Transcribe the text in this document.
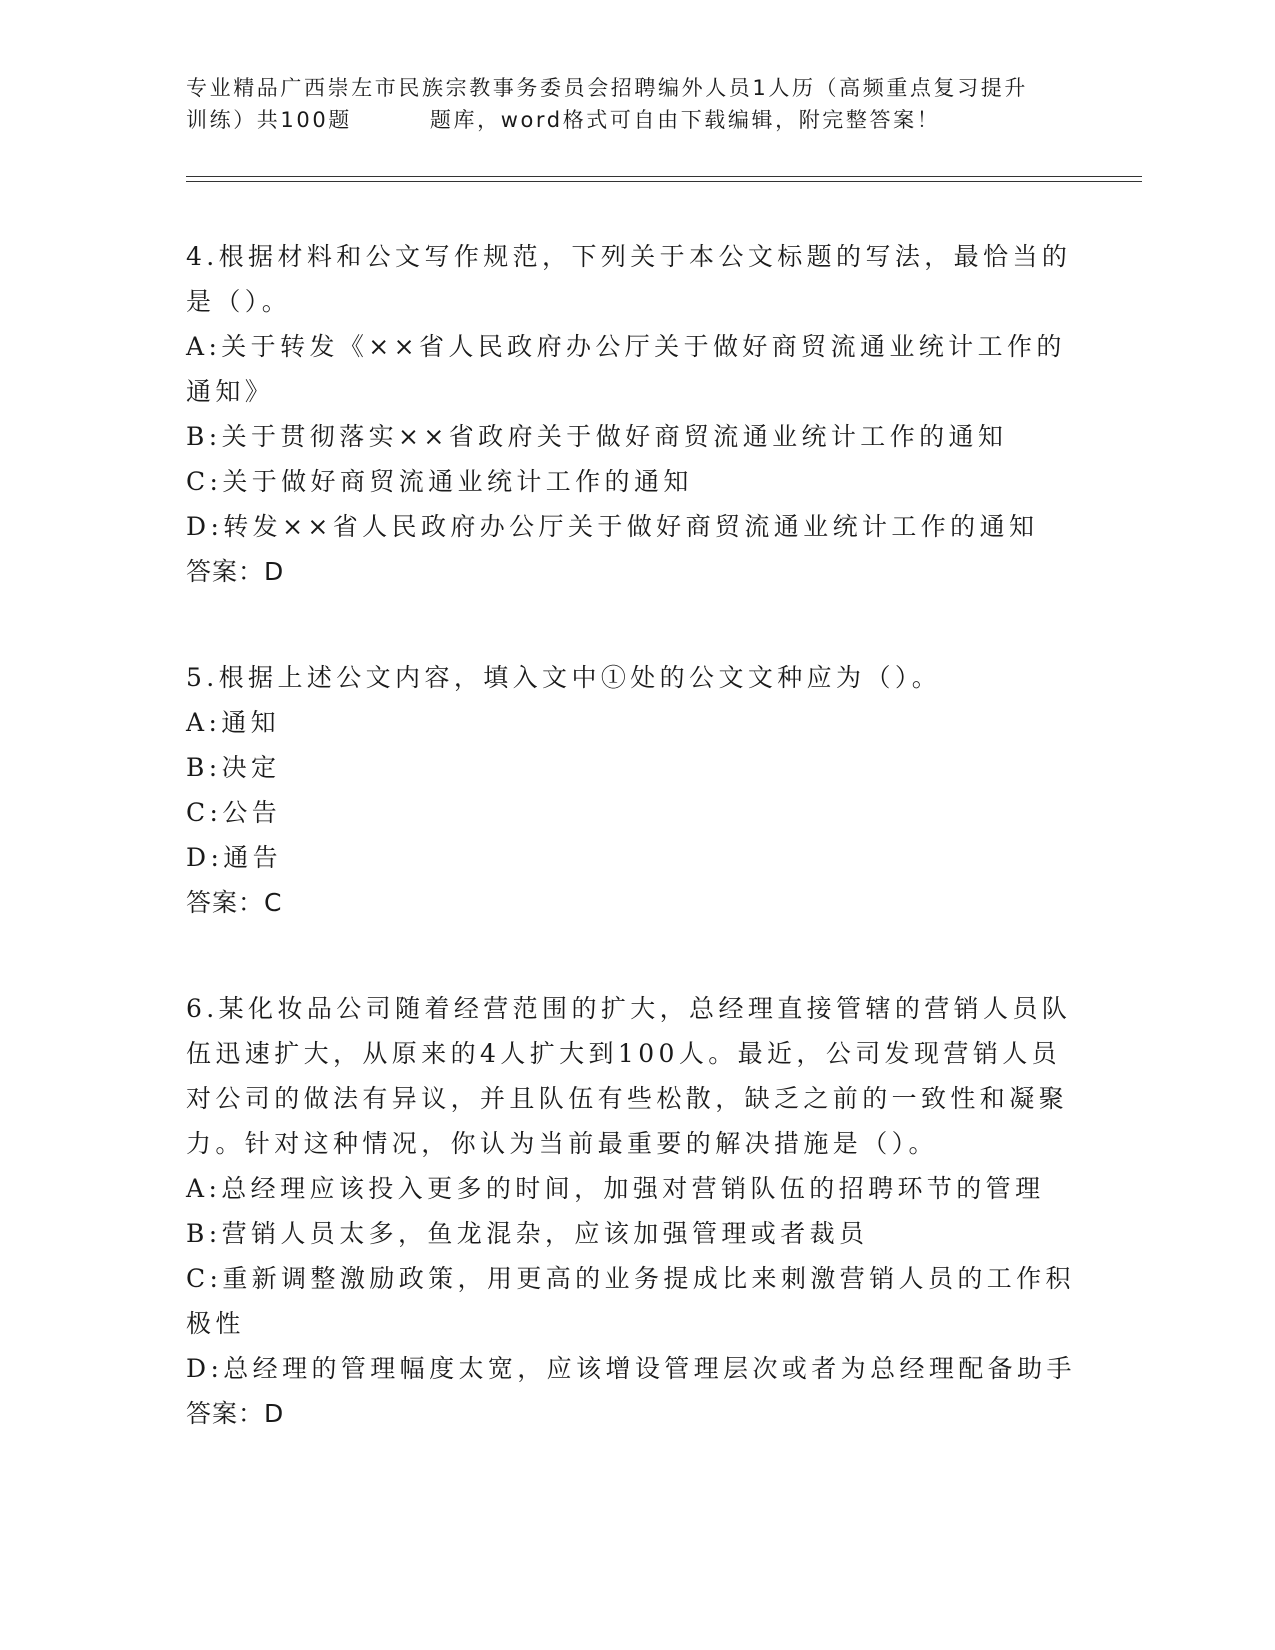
专业精品广西崇左市民族宗教事务委员会招聘编外人员1人历（高频重点复习提升
训练）共100题	题库，word格式可自由下载编辑，附完整答案！
4.根据材料和公文写作规范，下列关于本公文标题的写法，最恰当的
是（）。
A:关于转发《××省人民政府办公厅关于做好商贸流通业统计工作的
通知》
B:关于贯彻落实××省政府关于做好商贸流通业统计工作的通知
C:关于做好商贸流通业统计工作的通知
D:转发××省人民政府办公厅关于做好商贸流通业统计工作的通知
答案：D
5.根据上述公文内容，填入文中①处的公文文种应为（）。
A:通知
B:决定
C:公告
D:通告
答案：C
6.某化妆品公司随着经营范围的扩大，总经理直接管辖的营销人员队
伍迅速扩大，从原来的4人扩大到100人。最近，公司发现营销人员
对公司的做法有异议，并且队伍有些松散，缺乏之前的一致性和凝聚
力。针对这种情况，你认为当前最重要的解决措施是（）。
A:总经理应该投入更多的时间，加强对营销队伍的招聘环节的管理
B:营销人员太多，鱼龙混杂，应该加强管理或者裁员
C:重新调整激励政策，用更高的业务提成比来刺激营销人员的工作积
极性
D:总经理的管理幅度太宽，应该增设管理层次或者为总经理配备助手
答案：D
